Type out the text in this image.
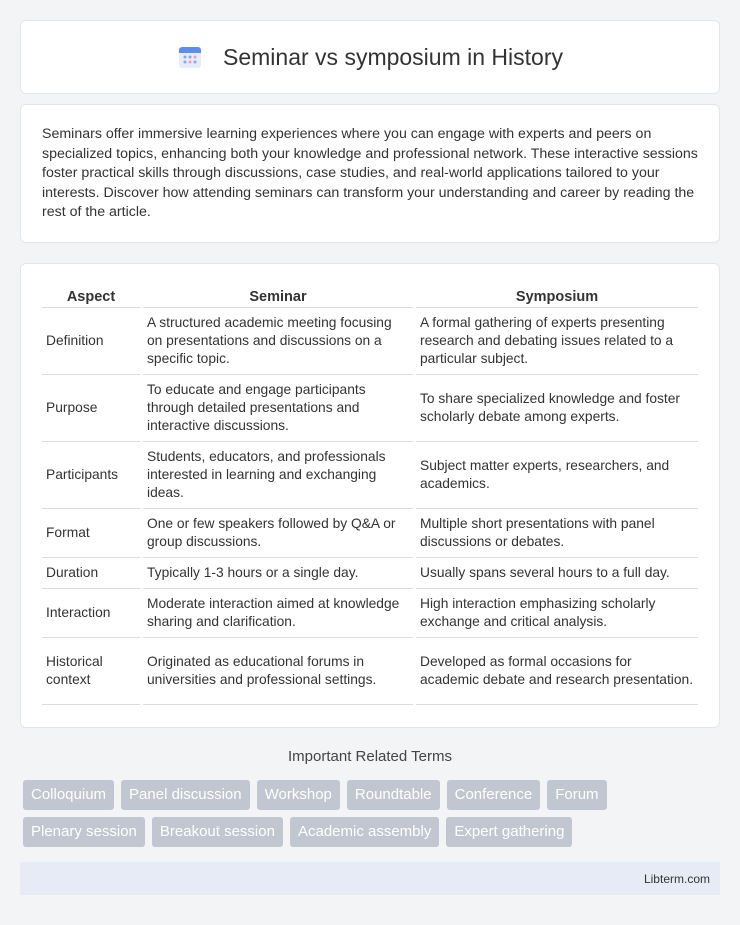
Seminar vs symposium in History

Seminars offer immersive learning experiences where you can engage with experts and peers on specialized topics, enhancing both your knowledge and professional network. These interactive sessions foster practical skills through discussions, case studies, and real-world applications tailored to your interests. Discover how attending seminars can transform your understanding and career by reading the rest of the article.

Aspect	Seminar	Symposium
Definition	A structured academic meeting focusing on presentations and discussions on a specific topic.	A formal gathering of experts presenting research and debating issues related to a particular subject.
Purpose	To educate and engage participants through detailed presentations and interactive discussions.	To share specialized knowledge and foster scholarly debate among experts.
Participants	Students, educators, and professionals interested in learning and exchanging ideas.	Subject matter experts, researchers, and academics.
Format	One or few speakers followed by Q&A or group discussions.	Multiple short presentations with panel discussions or debates.
Duration	Typically 1-3 hours or a single day.	Usually spans several hours to a full day.
Interaction	Moderate interaction aimed at knowledge sharing and clarification.	High interaction emphasizing scholarly exchange and critical analysis.
Historical context	Originated as educational forums in universities and professional settings.	Developed as formal occasions for academic debate and research presentation.
Important Related Terms
Colloquium	Panel discussion	Workshop	Roundtable	Conference	Forum
Plenary session	Breakout session	Academic assembly	Expert gathering
Libterm.com
